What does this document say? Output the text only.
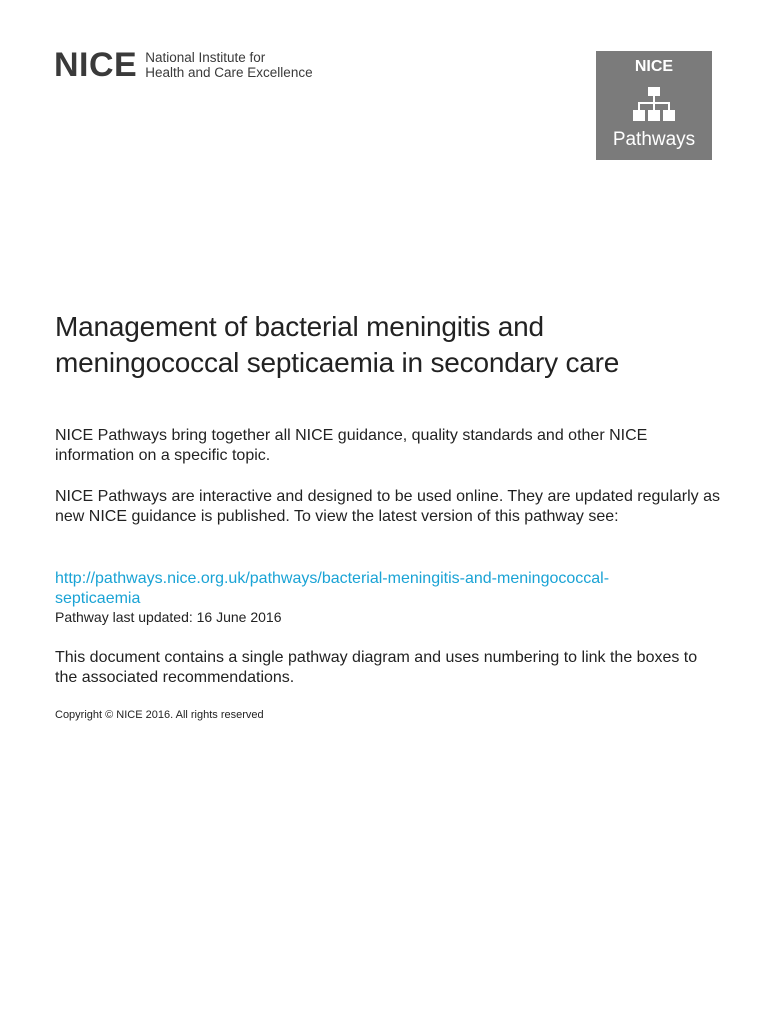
NICE National Institute for
Health and Care Excellence	NICE
Pathways
Management of bacterial meningitis and meningococcal septicaemia in secondary care

NICE Pathways bring together all NICE guidance, quality standards and other NICE information on a specific topic.

NICE Pathways are interactive and designed to be used online. They are updated regularly as new NICE guidance is published. To view the latest version of this pathway see:

http://pathways.nice.org.uk/pathways/bacterial-meningitis-and-meningococcal-septicaemia

Pathway last updated: 16 June 2016

This document contains a single pathway diagram and uses numbering to link the boxes to the associated recommendations.

Copyright © NICE 2016. All rights reserved
